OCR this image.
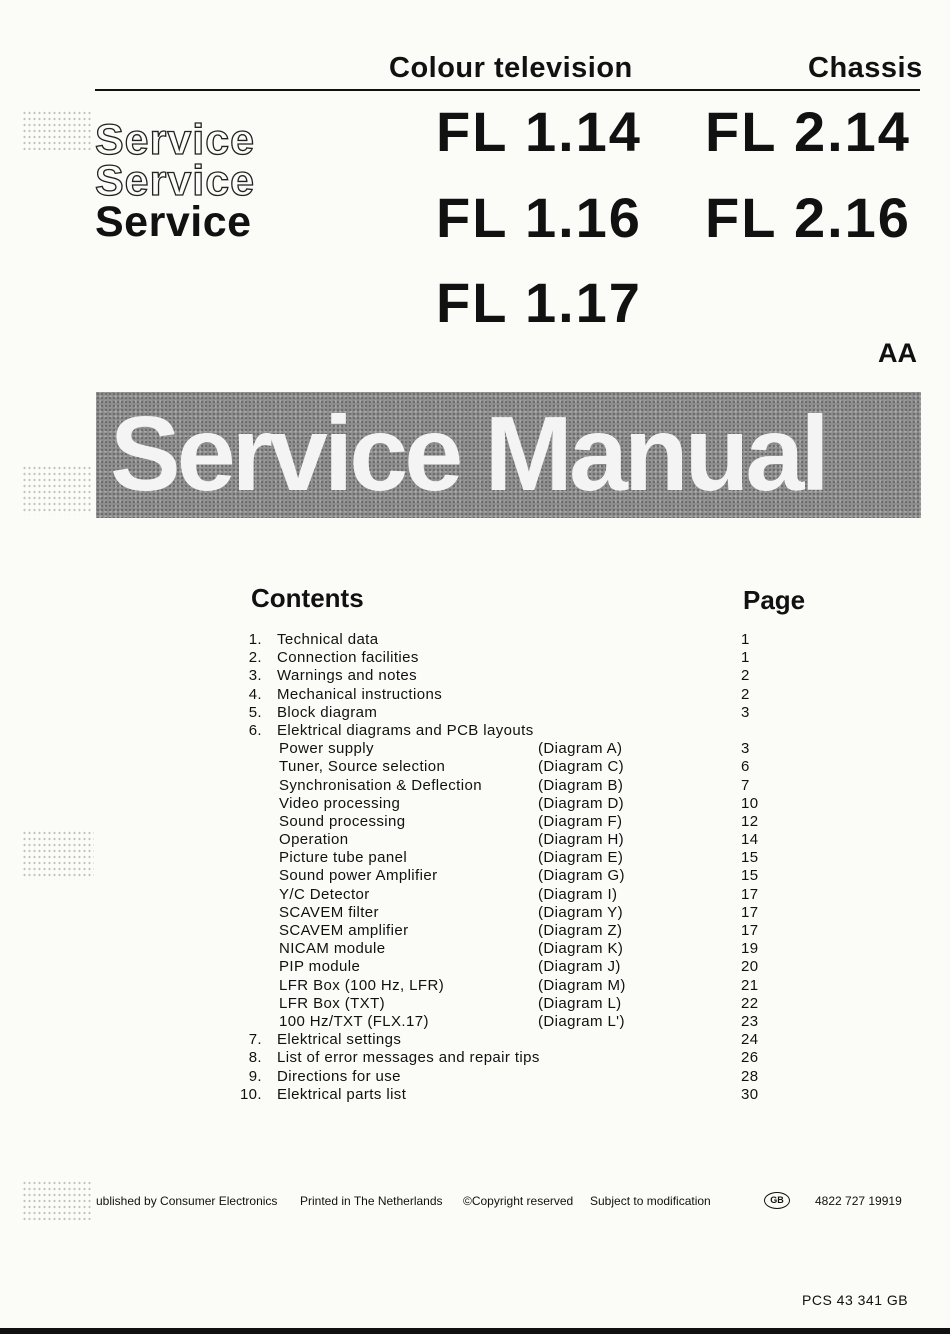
Colour television	Chassis
FL 1.14 FL 2.14
FL 1.16 FL 2.16
FL 1.17
Service
Service
Service
AA
Service Manual
Contents	Page
1. Technical data	1
2. Connection facilities	1
3. Warnings and notes	2
4. Mechanical instructions	2
5. Block diagram	3
6. Elektrical diagrams and PCB layouts
Power supply	(Diagram A)	3
Tuner, Source selection	(Diagram C)	6
Synchronisation & Deflection	(Diagram B)	7
Video processing	(Diagram D)	10
Sound processing	(Diagram F)	12
Operation	(Diagram H)	14
Picture tube panel	(Diagram E)	15
Sound power Amplifier	(Diagram G)	15
Y/C Detector	(Diagram I)	17
SCAVEM filter	(Diagram Y)	17
SCAVEM amplifier	(Diagram Z)	17
NICAM module	(Diagram K)	19
PIP module	(Diagram J)	20
LFR Box (100 Hz, LFR)	(Diagram M)	21
LFR Box (TXT)	(Diagram L)	22
100 Hz/TXT (FLX.17)	(Diagram L')	23
7. Elektrical settings	24
8. List of error messages and repair tips	26
9. Directions for use	28
10. Elektrical parts list	30
ublished by Consumer Electronics Printed in The Netherlands ©Copyright reserved Subject to modification	GB	4822 727 19919
PCS 43 341 GB
